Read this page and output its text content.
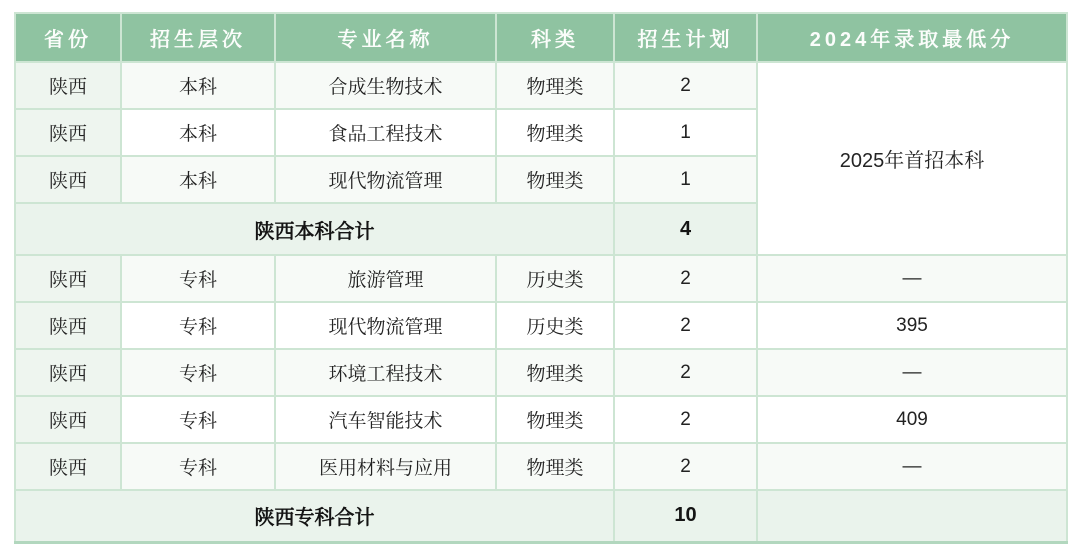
省份	招生层次	专业名称	科类	招生计划	2024年录取最低分
陕西	本科	合成生物技术	物理类	2	2025年首招本科
陕西	本科	食品工程技术	物理类	1	
陕西	本科	现代物流管理	物理类	1	
陕西本科合计				4	
陕西	专科	旅游管理	历史类	2	—
陕西	专科	现代物流管理	历史类	2	395
陕西	专科	环境工程技术	物理类	2	—
陕西	专科	汽车智能技术	物理类	2	409
陕西	专科	医用材料与应用	物理类	2	—
陕西专科合计				10	
